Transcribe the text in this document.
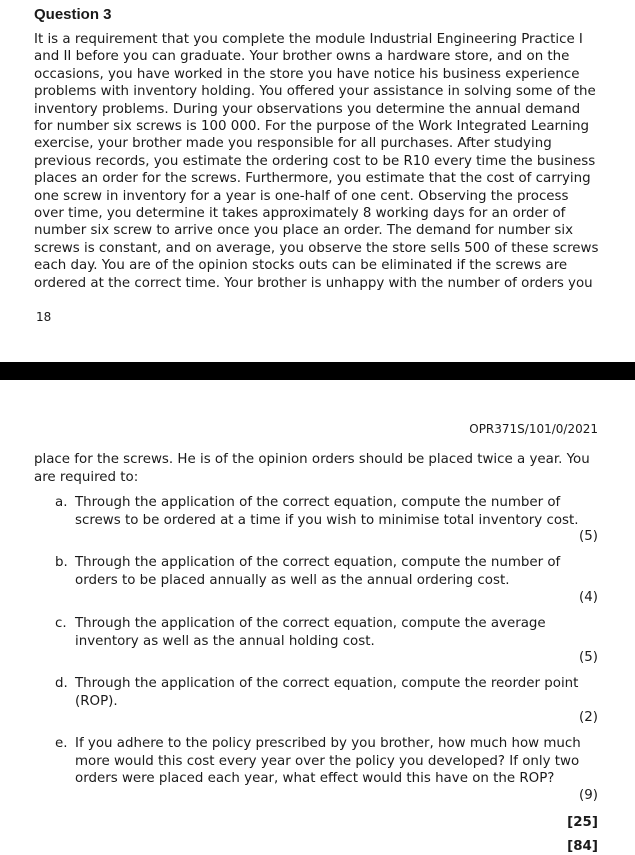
Question 3

It is a requirement that you complete the module Industrial Engineering Practice I and II before you can graduate. Your brother owns a hardware store, and on the occasions, you have worked in the store you have notice his business experience problems with inventory holding. You offered your assistance in solving some of the inventory problems. During your observations you determine the annual demand for number six screws is 100 000. For the purpose of the Work Integrated Learning exercise, your brother made you responsible for all purchases. After studying previous records, you estimate the ordering cost to be R10 every time the business places an order for the screws. Furthermore, you estimate that the cost of carrying one screw in inventory for a year is one-half of one cent. Observing the process over time, you determine it takes approximately 8 working days for an order of number six screw to arrive once you place an order. The demand for number six screws is constant, and on average, you observe the store sells 500 of these screws each day. You are of the opinion stocks outs can be eliminated if the screws are ordered at the correct time. Your brother is unhappy with the number of orders you

18
OPR371S/101/0/2021

place for the screws. He is of the opinion orders should be placed twice a year. You are required to:

a. Through the application of the correct equation, compute the number of screws to be ordered at a time if you wish to minimise total inventory cost.
(5)
b. Through the application of the correct equation, compute the number of orders to be placed annually as well as the annual ordering cost.
(4)
c. Through the application of the correct equation, compute the average inventory as well as the annual holding cost.
(5)
d. Through the application of the correct equation, compute the reorder point (ROP).
(2)
e. If you adhere to the policy prescribed by you brother, how much how much more would this cost every year over the policy you developed? If only two orders were placed each year, what effect would this have on the ROP?
(9)
[25]
[84]
